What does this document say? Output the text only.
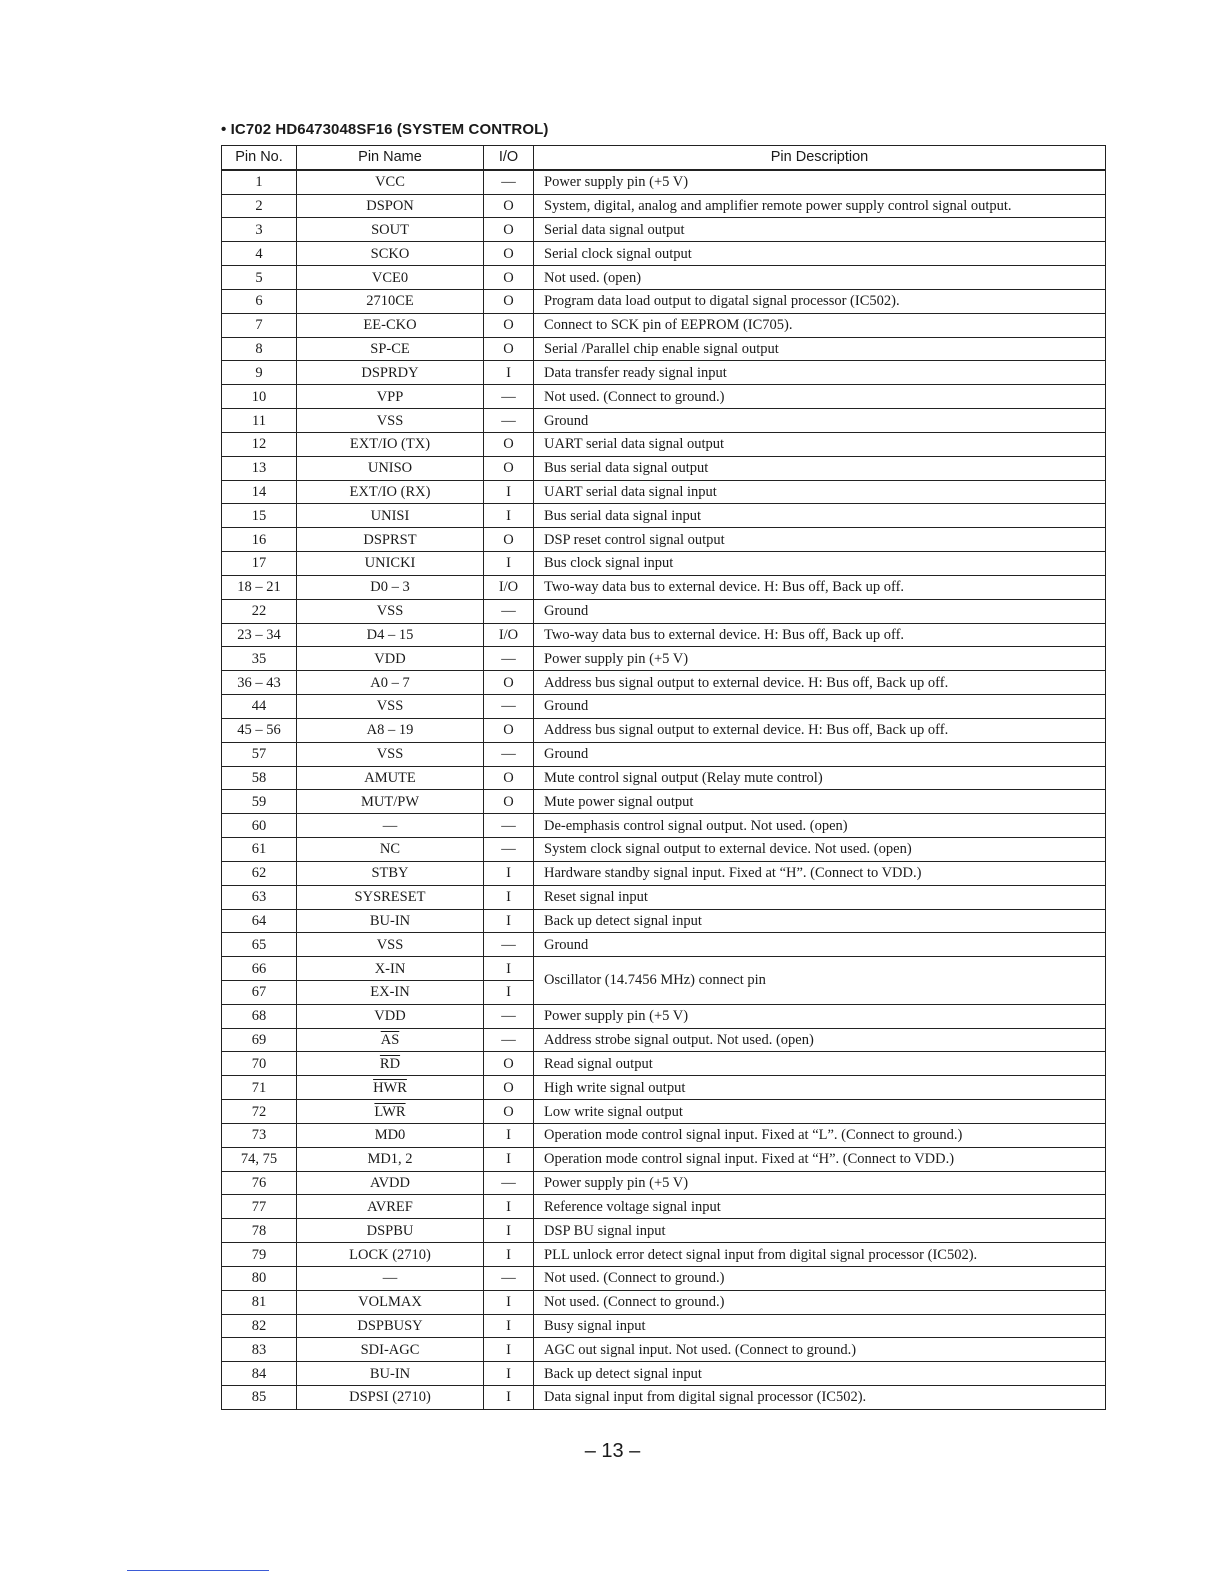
• IC702 HD6473048SF16 (SYSTEM CONTROL)
Pin No.	Pin Name	I/O	Pin Description
1	VCC	—	Power supply pin (+5 V)
2	DSPON	O	System, digital, analog and amplifier remote power supply control signal output.
3	SOUT	O	Serial data signal output
4	SCKO	O	Serial clock signal output
5	VCE0	O	Not used. (open)
6	2710CE	O	Program data load output to digatal signal processor (IC502).
7	EE-CKO	O	Connect to SCK pin of EEPROM (IC705).
8	SP-CE	O	Serial /Parallel chip enable signal output
9	DSPRDY	I	Data transfer ready signal input
10	VPP	—	Not used. (Connect to ground.)
11	VSS	—	Ground
12	EXT/IO (TX)	O	UART serial data signal output
13	UNISO	O	Bus serial data signal output
14	EXT/IO (RX)	I	UART serial data signal input
15	UNISI	I	Bus serial data signal input
16	DSPRST	O	DSP reset control signal output
17	UNICKI	I	Bus clock signal input
18 – 21	D0 – 3	I/O	Two-way data bus to external device. H: Bus off, Back up off.
22	VSS	—	Ground
23 – 34	D4 – 15	I/O	Two-way data bus to external device. H: Bus off, Back up off.
35	VDD	—	Power supply pin (+5 V)
36 – 43	A0 – 7	O	Address bus signal output to external device. H: Bus off, Back up off.
44	VSS	—	Ground
45 – 56	A8 – 19	O	Address bus signal output to external device. H: Bus off, Back up off.
57	VSS	—	Ground
58	AMUTE	O	Mute control signal output (Relay mute control)
59	MUT/PW	O	Mute power signal output
60	—	—	De-emphasis control signal output. Not used. (open)
61	NC	—	System clock signal output to external device. Not used. (open)
62	STBY	I	Hardware standby signal input. Fixed at “H”. (Connect to VDD.)
63	SYSRESET	I	Reset signal input
64	BU-IN	I	Back up detect signal input
65	VSS	—	Ground
66	X-IN	I	Oscillator (14.7456 MHz) connect pin
67	EX-IN	I	
68	VDD	—	Power supply pin (+5 V)
69	$\overline{AS}$	—	Address strobe signal output. Not used. (open)
70	$\overline{RD}$	O	Read signal output
71	$\overline{HWR}$	O	High write signal output
72	$\overline{LWR}$	O	Low write signal output
73	MD0	I	Operation mode control signal input. Fixed at “L”. (Connect to ground.)
74, 75	MD1, 2	I	Operation mode control signal input. Fixed at “H”. (Connect to VDD.)
76	AVDD	—	Power supply pin (+5 V)
77	AVREF	I	Reference voltage signal input
78	DSPBU	I	DSP BU signal input
79	LOCK (2710)	I	PLL unlock error detect signal input from digital signal processor (IC502).
80	—	—	Not used. (Connect to ground.)
81	VOLMAX	I	Not used. (Connect to ground.)
82	DSPBUSY	I	Busy signal input
83	SDI-AGC	I	AGC out signal input. Not used. (Connect to ground.)
84	BU-IN	I	Back up detect signal input
85	DSPSI (2710)	I	Data signal input from digital signal processor (IC502).
– 13 –
